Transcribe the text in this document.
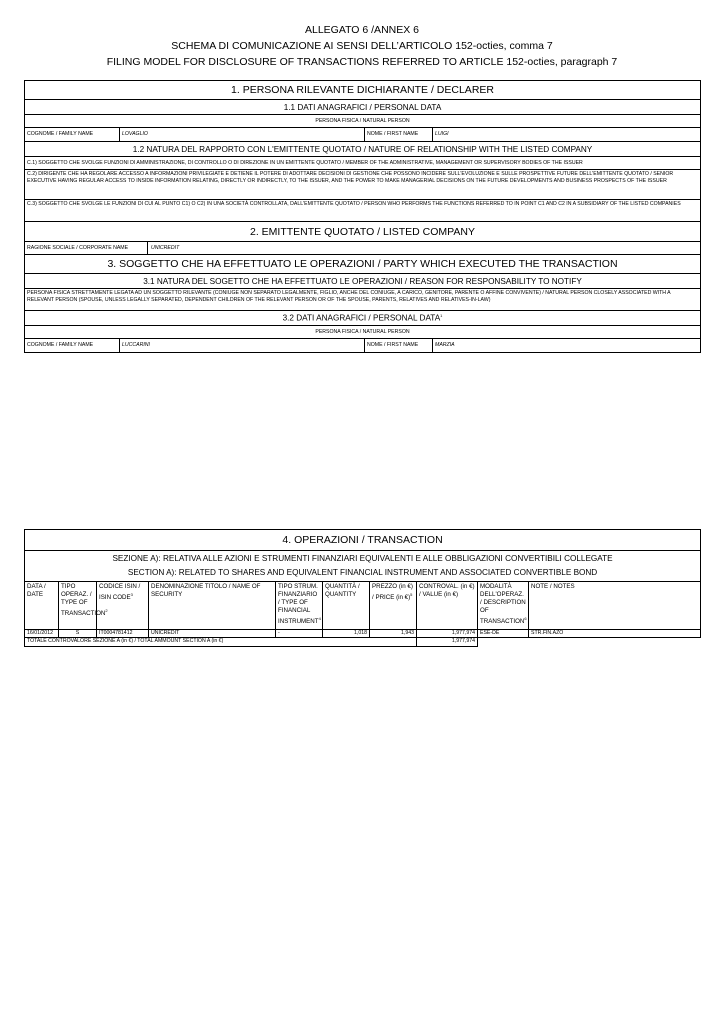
ALLEGATO 6 /ANNEX 6
SCHEMA DI COMUNICAZIONE AI SENSI DELL’ARTICOLO 152-octies, comma 7
FILING MODEL FOR DISCLOSURE OF TRANSACTIONS REFERRED TO ARTICLE 152-octies, paragraph 7
1. PERSONA RILEVANTE DICHIARANTE / DECLARER			
1.1 DATI ANAGRAFICI / PERSONAL DATA			
PERSONA FISICA / NATURAL PERSON			
COGNOME / FAMILY NAME	LOVAGLIO	NOME / FIRST NAME	LUIGI
1.2 NATURA DEL RAPPORTO CON L'EMITTENTE QUOTATO / NATURE OF RELATIONSHIP WITH THE LISTED COMPANY			
C.1) SOGGETTO CHE SVOLGE FUNZIONI DI AMMINISTRAZIONE, DI CONTROLLO O DI DIREZIONE IN UN EMITTENTE QUOTATO / MEMBER OF THE ADMINISTRATIVE, MANAGEMENT OR SUPERVISORY BODIES OF THE ISSUER			
C.2) DIRIGENTE CHE HA REGOLARE ACCESSO A INFORMAZIONI PRIVILEGIATE E DETIENE IL POTERE DI ADOTTARE DECISIONI DI GESTIONE CHE POSSONO INCIDERE SULL'EVOLUZIONE E SULLE PROSPETTIVE FUTURE DELL'EMITTENTE QUOTATO / SENIOR EXECUTIVE HAVING REGULAR ACCESS TO INSIDE INFORMATION RELATING, DIRECTLY OR INDIRECTLY, TO THE ISSUER, AND THE POWER TO MAKE MANAGERIAL DECISIONS ON THE FUTURE DEVELOPMENTS AND BUSINESS PROSPECTS OF THE ISSUER			
C.3) SOGGETTO CHE SVOLGE LE FUNZIONI DI CUI AL PUNTO C1) O C2) IN UNA SOCIETÀ CONTROLLATA, DALL'EMITTENTE QUOTATO / PERSON WHO PERFORMS THE FUNCTIONS REFERRED TO IN POINT C1 AND C2 IN A SUBSIDIARY OF THE LISTED COMPANIES			
2. EMITTENTE QUOTATO / LISTED COMPANY			
RAGIONE SOCIALE / CORPORATE NAME UNICREDIT			
3. SOGGETTO CHE HA EFFETTUATO LE OPERAZIONI / PARTY WHICH EXECUTED THE TRANSACTION			
3.1 NATURA DEL SOGETTO CHE HA EFFETTUATO LE OPERAZIONI / REASON FOR RESPONSABILITY TO NOTIFY			
PERSONA FISICA STRETTAMENTE LEGATA AD UN SOGGETTO RILEVANTE (CONIUGE NON SEPARATO LEGALMENTE, FIGLIO, ANCHE DEL CONIUGE, A CARICO, GENITORE, PARENTE O AFFINE CONVIVENTE) / NATURAL PERSON CLOSELY ASSOCIATED WITH A RELEVANT PERSON (SPOUSE, UNLESS LEGALLY SEPARATED, DEPENDENT CHILDREN OF THE RELEVANT PERSON OR OF THE SPOUSE, PARENTS, RELATIVES AND RELATIVES-IN-LAW)			
3.2 DATI ANAGRAFICI / PERSONAL DATA$^1$
PERSONA FISICA / NATURAL PERSON			
COGNOME / FAMILY NAME	LUCCARINI	NOME / FIRST NAME	MARZIA
4. OPERAZIONI / TRANSACTION									

SEZIONE A): RELATIVA ALLE AZIONI E STRUMENTI FINANZIARI EQUIVALENTI E ALLE OBBLIGAZIONI CONVERTIBILI COLLEGATE
SECTION A): RELATED TO SHARES AND EQUIVALENT FINANCIAL INSTRUMENT AND ASSOCIATED CONVERTIBLE BOND									

DATA / DATE	TIPO OPERAZ. / TYPE OF TRANSACTION$^2$	CODICE ISIN / ISIN CODE$^3$	DENOMINAZIONE TITOLO / NAME OF SECURITY	TIPO STRUM. FINANZIARIO / TYPE OF FINANCIAL INSTRUMENT$^4$	QUANTITÀ / QUANTITY	PREZZO (in €) / PRICE (in €)$^5$	CONTROVAL. (in €) / VALUE (in €)	MODALITÀ DELL'OPERAZ. / DESCRIPTION OF TRANSACTION$^6$	NOTE / NOTES
16/01/2012	S	IT0004781412	UNICREDIT	-	1,018	1,943	1,977,974	ESE-DE	STR.FIN.AZO
TOTALE CONTROVALORE SEZIONE A (in €) / TOTAL AMMOUNT SECTION A (in €)							1,977,974		
